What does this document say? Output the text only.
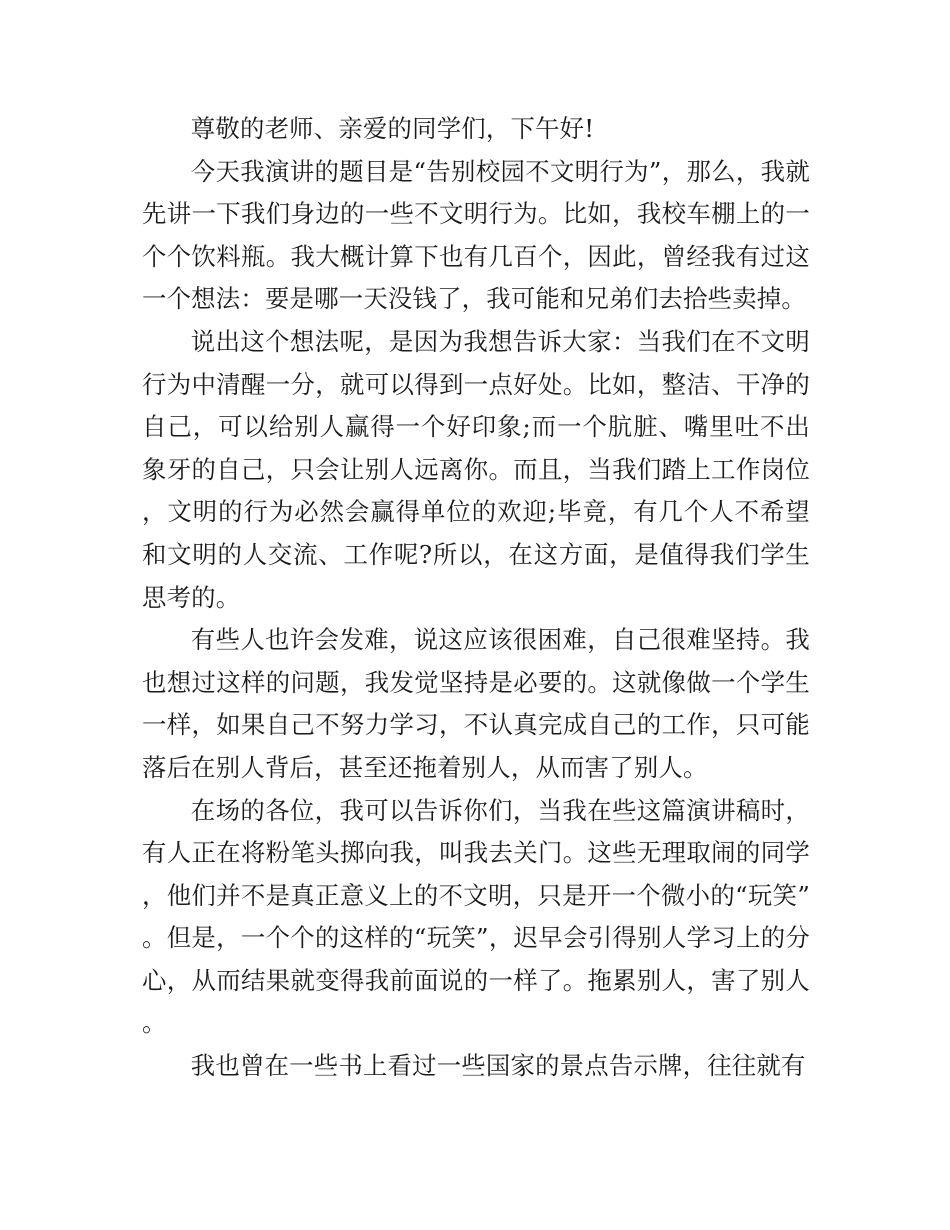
尊敬的老师、亲爱的同学们，下午好!

今天我演讲的题目是“告别校园不文明行为”，那么，我就先讲一下我们身边的一些不文明行为。比如，我校车棚上的一个个饮料瓶。我大概计算下也有几百个，因此，曾经我有过这一个想法：要是哪一天没钱了，我可能和兄弟们去拾些卖掉。

说出这个想法呢，是因为我想告诉大家：当我们在不文明行为中清醒一分，就可以得到一点好处。比如，整洁、干净的自己，可以给别人赢得一个好印象;而一个肮脏、嘴里吐不出象牙的自己，只会让别人远离你。而且，当我们踏上工作岗位，文明的行为必然会赢得单位的欢迎;毕竟，有几个人不希望和文明的人交流、工作呢?所以，在这方面，是值得我们学生思考的。

有些人也许会发难，说这应该很困难，自己很难坚持。我也想过这样的问题，我发觉坚持是必要的。这就像做一个学生一样，如果自己不努力学习，不认真完成自己的工作，只可能落后在别人背后，甚至还拖着别人，从而害了别人。

在场的各位，我可以告诉你们，当我在些这篇演讲稿时，有人正在将粉笔头掷向我，叫我去关门。这些无理取闹的同学，他们并不是真正意义上的不文明，只是开一个微小的“玩笑”。但是，一个个的这样的“玩笑”，迟早会引得别人学习上的分心，从而结果就变得我前面说的一样了。拖累别人，害了别人。

我也曾在一些书上看过一些国家的景点告示牌，往往就有
